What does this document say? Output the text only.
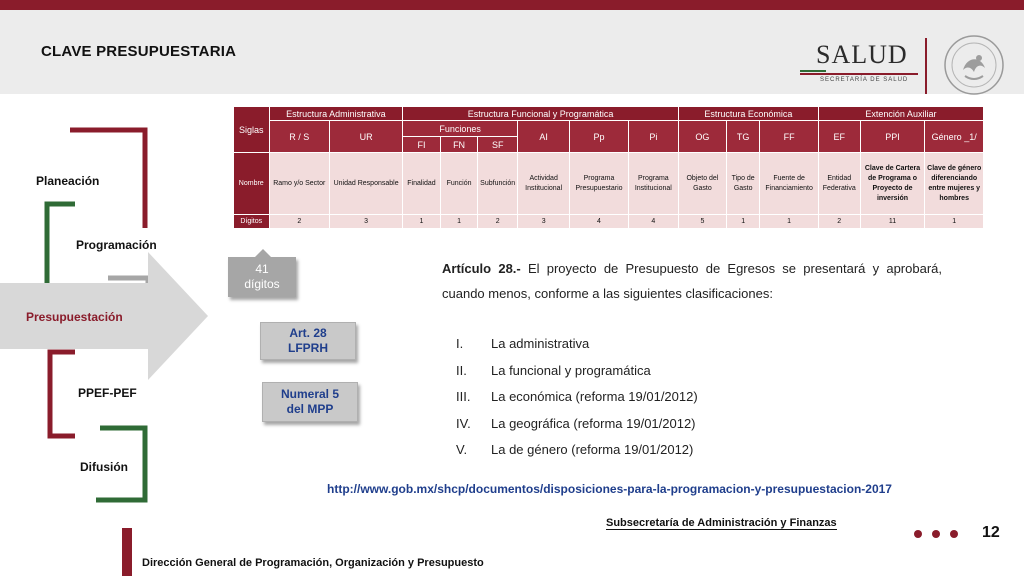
CLAVE PRESUPUESTARIA	SALUD
SECRETARÍA DE SALUD
Planeación
Programación
Presupuestación
PPEF-PEF
Difusión
Siglas	Estructura Administrativa		Estructura Funcional y Programática						Estructura Económica			Extención Auxiliar		
	R / S	UR	Funciones			AI	Pp	Pi	OG	TG	FF	EF	PPI	Género _1/
			FI	FN	SF									
Nombre	Ramo y/o Sector	Unidad Responsable	Finalidad	Función	Subfunción	Actividad Institucional	Programa Presupuestario	Programa Institucional	Objeto del Gasto	Tipo de Gasto	Fuente de Financiamiento	Entidad Federativa	Clave de Cartera de Programa o Proyecto de inversión	Clave de género diferenciando entre mujeres y hombres
Dígitos	2	3	1	1	2	3	4	4	5	1	1	2	11	1
41
dígitos
Art. 28
LFPRH
Numeral 5
del MPP
Artículo 28.- El proyecto de Presupuesto de Egresos se presentará y aprobará, cuando menos, conforme a las siguientes clasificaciones:
I. La administrativa
II. La funcional y programática
III. La económica (reforma 19/01/2012)
IV. La geográfica (reforma 19/01/2012)
V. La de género (reforma 19/01/2012)
http://www.gob.mx/shcp/documentos/disposiciones-para-la-programacion-y-presupuestacion-2017
Subsecretaría de Administración y Finanzas
12
Dirección General de Programación, Organización y Presupuesto
